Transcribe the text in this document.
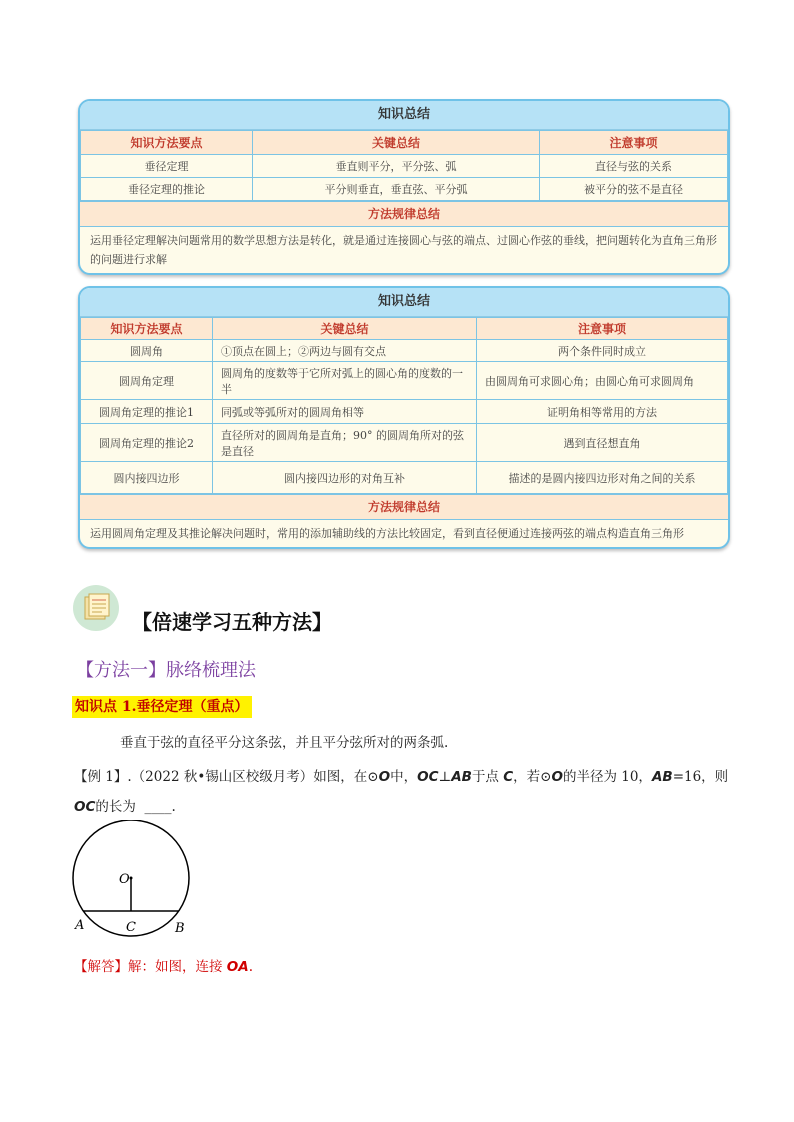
知识总结
知识方法要点	关键总结	注意事项
垂径定理	垂直则平分，平分弦、弧	直径与弦的关系
垂径定理的推论	平分则垂直，垂直弦、平分弧	被平分的弦不是直径
方法规律总结
运用垂径定理解决问题常用的数学思想方法是转化，就是通过连接圆心与弦的端点、过圆心作弦的垂线，把问题转化为直角三角形的问题进行求解
知识总结
知识方法要点	关键总结	注意事项
圆周角	①顶点在圆上；②两边与圆有交点	两个条件同时成立
圆周角定理	圆周角的度数等于它所对弧上的圆心角的度数的一半	由圆周角可求圆心角；由圆心角可求圆周角
圆周角定理的推论1	同弧或等弧所对的圆周角相等	证明角相等常用的方法
圆周角定理的推论2	直径所对的圆周角是直角；90° 的圆周角所对的弦是直径	遇到直径想直角
圆内接四边形	圆内接四边形的对角互补	描述的是圆内接四边形对角之间的关系
方法规律总结
运用圆周角定理及其推论解决问题时，常用的添加辅助线的方法比较固定，看到直径便通过连接两弦的端点构造直角三角形
【倍速学习五种方法】
【方法一】脉络梳理法
知识点 1.垂径定理（重点）
垂直于弦的直径平分这条弦，并且平分弦所对的两条弧.
【例 1】.（2022 秋•锡山区校级月考）如图，在⊙O中，OC⊥AB于点 C，若⊙O的半径为 10，AB=16，则
OC的长为 ____.
O
A	B
C
【解答】解：如图，连接 OA.
